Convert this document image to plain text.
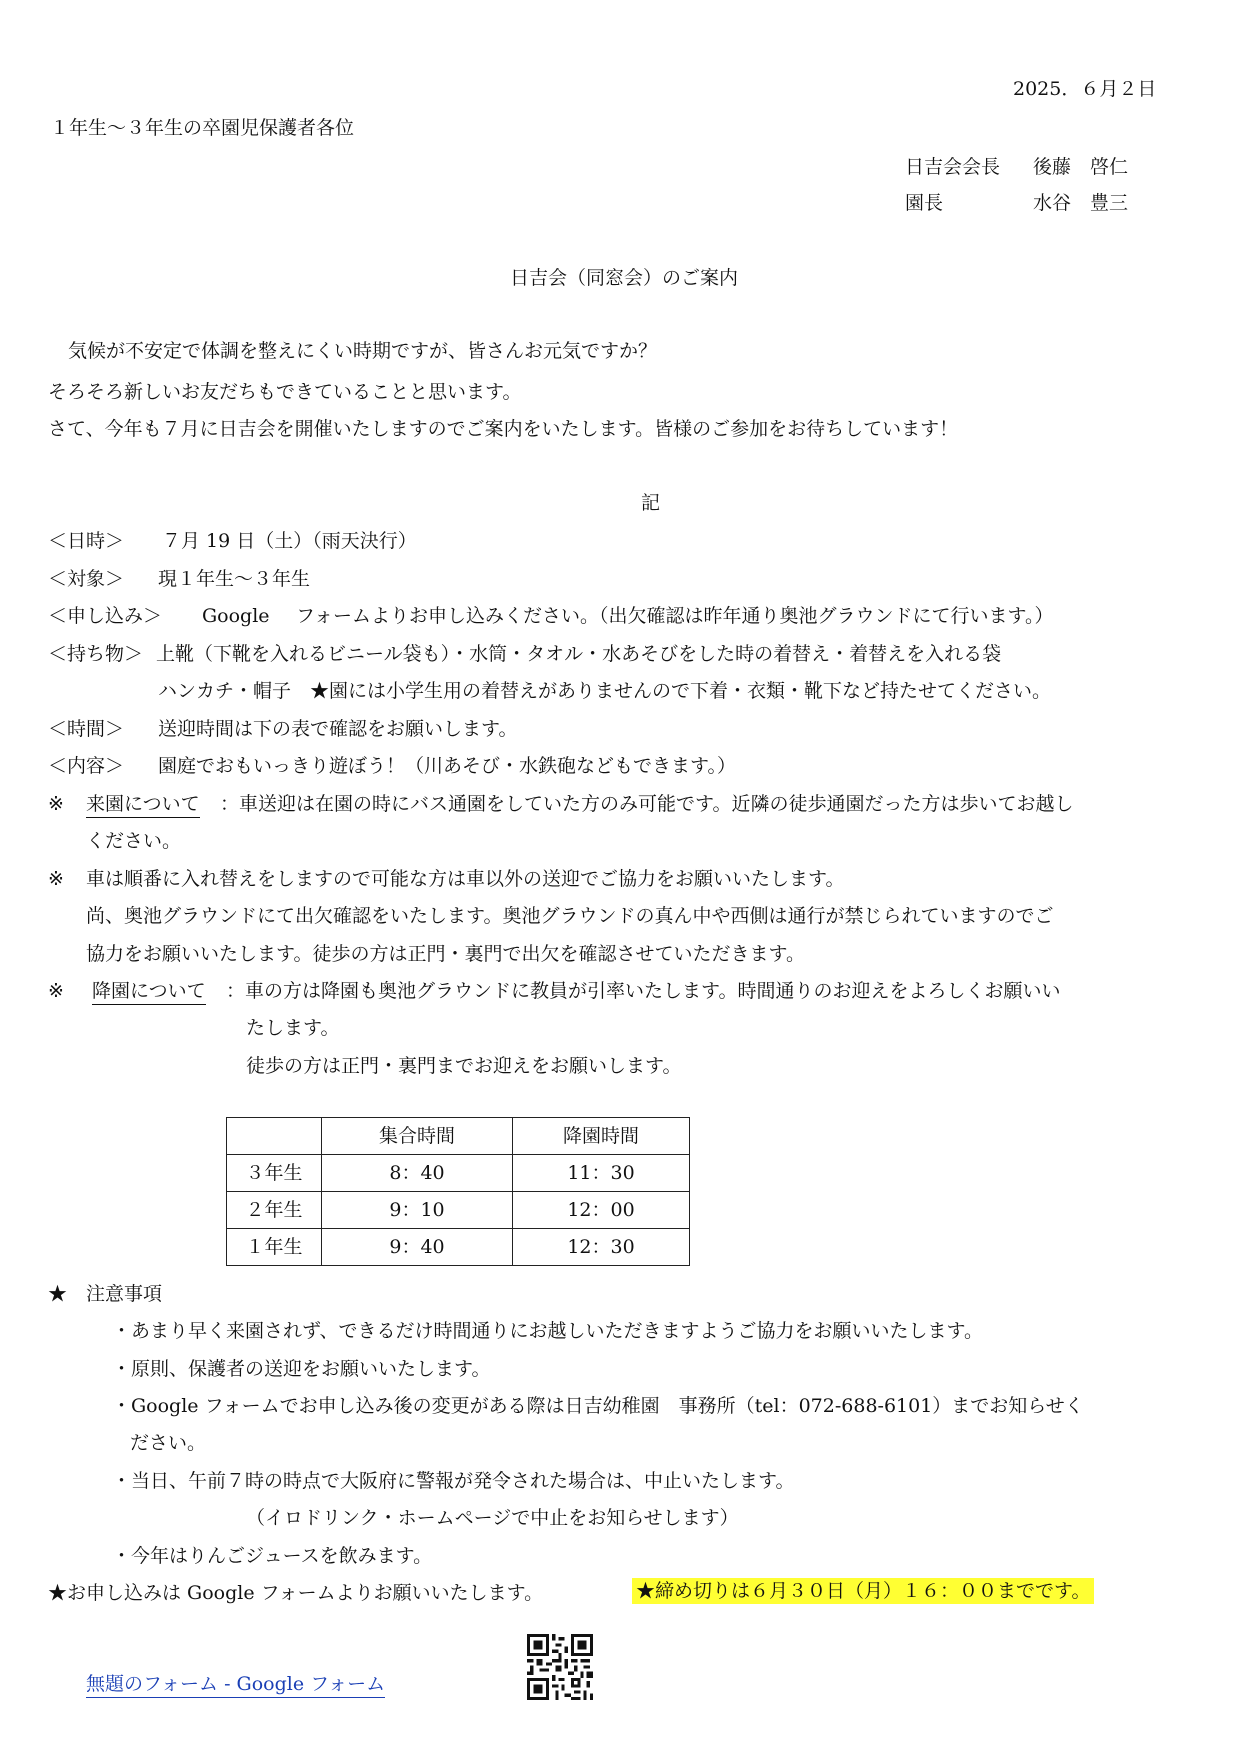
2025．６月２日
１年生～３年生の卒園児保護者各位
日吉会会長 後藤　啓仁
園長	水谷　豊三
日吉会（同窓会）のご案内
気候が不安定で体調を整えにくい時期ですが、皆さんお元気ですか？
そろそろ新しいお友だちもできていることと思います。
さて、今年も７月に日吉会を開催いたしますのでご案内をいたします。皆様のご参加をお待ちしています！
記
＜日時＞ ７月 19 日（土）（雨天決行）
＜対象＞ 現１年生～３年生
＜申し込み＞ Google フォームよりお申し込みください。（出欠確認は昨年通り奥池グラウンドにて行います。）
＜持ち物＞ 上靴（下靴を入れるビニール袋も）・水筒・タオル・水あそびをした時の着替え・着替えを入れる袋
ハンカチ・帽子　★園には小学生用の着替えがありませんので下着・衣類・靴下など持たせてください。
＜時間＞ 送迎時間は下の表で確認をお願いします。
＜内容＞ 園庭でおもいっきり遊ぼう！（川あそび・水鉄砲などもできます。）
※ 来園について ：車送迎は在園の時にバス通園をしていた方のみ可能です。近隣の徒歩通園だった方は歩いてお越し
ください。
※ 車は順番に入れ替えをしますので可能な方は車以外の送迎でご協力をお願いいたします。
尚、奥池グラウンドにて出欠確認をいたします。奥池グラウンドの真ん中や西側は通行が禁じられていますのでご
協力をお願いいたします。徒歩の方は正門・裏門で出欠を確認させていただきます。
※ 降園について ：車の方は降園も奥池グラウンドに教員が引率いたします。時間通りのお迎えをよろしくお願いい
たします。
徒歩の方は正門・裏門までお迎えをお願いします。
	集合時間	降園時間
３年生	8：40	11：30
２年生	9：10	12：00
１年生	9：40	12：30
★　注意事項
・あまり早く来園されず、できるだけ時間通りにお越しいただきますようご協力をお願いいたします。
・原則、保護者の送迎をお願いいたします。
・Google フォームでお申し込み後の変更がある際は日吉幼稚園　事務所（tel：072-688-6101）までお知らせく
ださい。
・当日、午前７時の時点で大阪府に警報が発令された場合は、中止いたします。
（イロドリンク・ホームページで中止をお知らせします）
・今年はりんごジュースを飲みます。
★お申し込みは Google フォームよりお願いいたします。	★締め切りは６月３０日（月）１６：００までです。
無題のフォーム - Google フォーム
